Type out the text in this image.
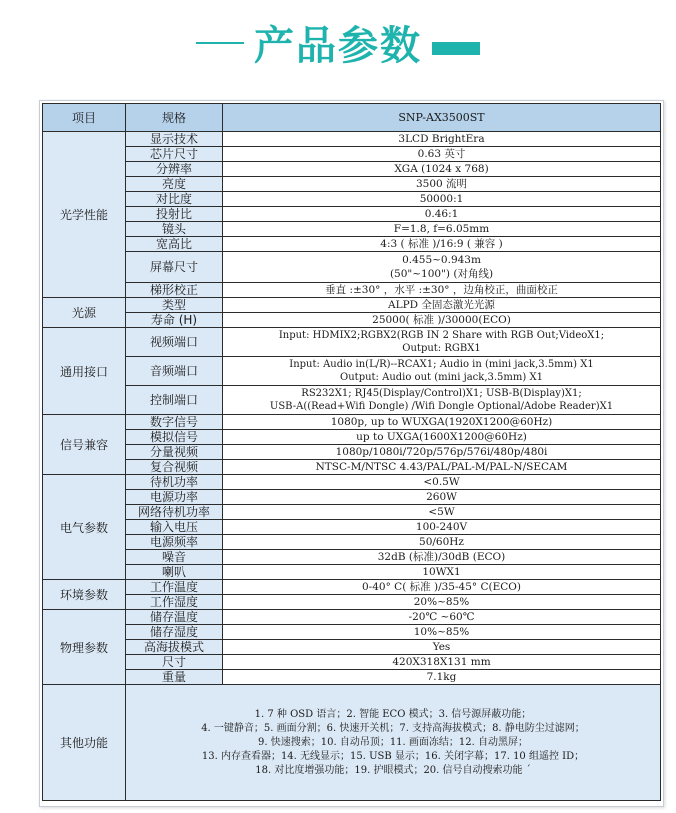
产品参数
项目	规格	SNP-AX3500ST
光学性能	显示技术	3LCD BrightEra
	芯片尺寸	0.63 英寸
	分辨率	XGA (1024 x 768)
	亮度	3500 流明
	对比度	50000:1
	投射比	0.46:1
	镜头	F=1.8, f=6.05mm
	宽高比	4:3 ( 标准 )/16:9 ( 兼容 )
	屏幕尺寸	0.455~0.943m
(50"~100") (对角线)

	梯形校正	垂直 :±30° ，水平 :±30° ，边角校正，曲面校正
光源	类型	ALPD 全固态激光光源
	寿命 (H)	25000( 标准 )/30000(ECO)
通用接口	视频端口	Input: HDMIX2;RGBX2(RGB IN 2 Share with RGB Out;VideoX1;
Output: RGBX1

	音频端口	Input: Audio in(L/R)--RCAX1; Audio in (mini jack,3.5mm) X1
Output: Audio out (mini jack,3.5mm) X1

	控制端口	RS232X1; RJ45(Display/Control)X1; USB-B(Display)X1;
USB-A((Read+Wifi Dongle) /Wifi Dongle Optional/Adobe Reader)X1

信号兼容	数字信号	1080p, up to WUXGA(1920X1200@60Hz)
	模拟信号	up to UXGA(1600X1200@60Hz)
	分量视频	1080p/1080i/720p/576p/576i/480p/480i
	复合视频	NTSC-M/NTSC 4.43/PAL/PAL-M/PAL-N/SECAM
电气参数	待机功率	<0.5W
	电源功率	260W
	网络待机功率	<5W
	输入电压	100-240V
	电源频率	50/60Hz
	噪音	32dB (标准)/30dB (ECO)
	喇叭	10WX1
环境参数	工作温度	0-40° C( 标准 )/35-45° C(ECO)
	工作湿度	20%~85%
物理参数	储存温度	-20℃ ~60℃
	储存湿度	10%~85%
	高海拔模式	Yes
	尺寸	420X318X131 mm
	重量	7.1kg
其他功能	1. 7 种 OSD 语言；2. 智能 ECO 模式；3. 信号源屏蔽功能；
4. 一键静音；5. 画面分割；6. 快速开关机；7. 支持高海拔模式；8. 静电防尘过滤网；
9. 快速搜索；10. 自动吊顶；11. 画面冻结；12. 自动黑屏；
13. 内存查看器；14. 无线显示；15. USB 显示；16. 关闭字幕；17. 10 组遥控 ID；
18. 对比度增强功能；19. 护眼模式；20. 信号自动搜索功能 ˊ	
